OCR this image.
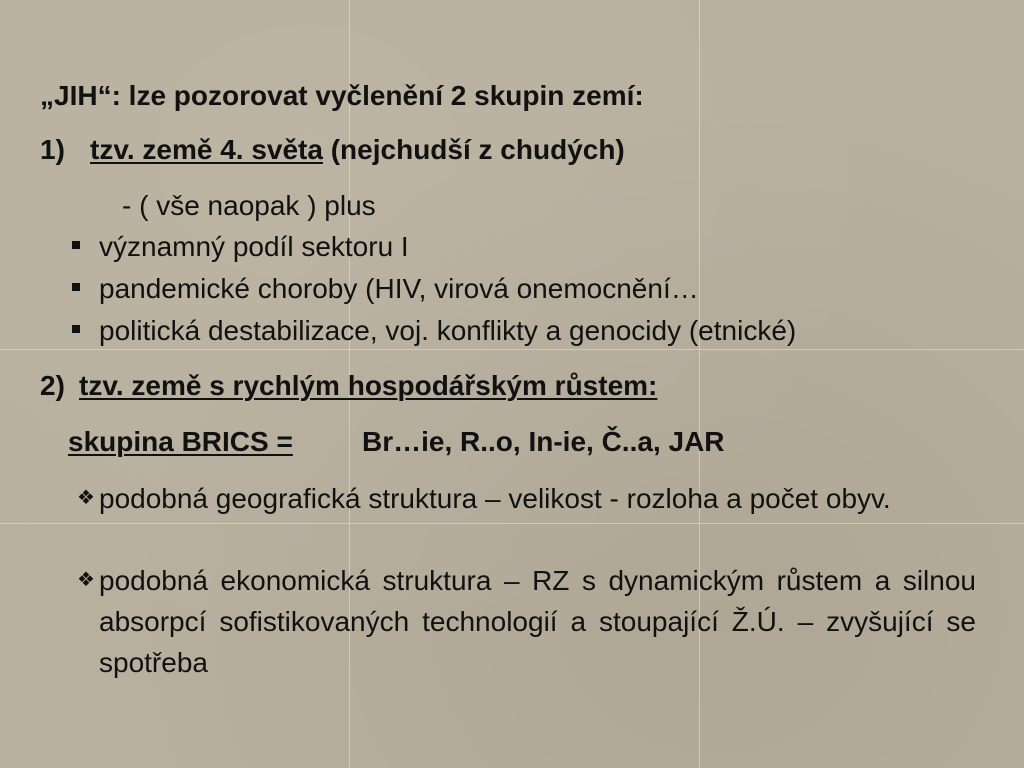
„JIH“: lze pozorovat vyčlenění 2 skupin zemí:
1) tzv. země 4. světa (nejchudší z chudých)
- ( vše naopak ) plus
významný podíl sektoru I
pandemické choroby (HIV, virová onemocnění…
politická destabilizace, voj. konflikty a genocidy (etnické)
2) tzv. země s rychlým hospodářským růstem:
skupina BRICS = Br…ie, R..o, In-ie, Č..a, JAR
❖ podobná geografická struktura – velikost - rozloha a počet obyv.
❖ podobná ekonomická struktura – RZ s dynamickým růstem a silnou absorpcí sofistikovaných technologií a stoupající Ž.Ú. – zvyšující se spotřeba
